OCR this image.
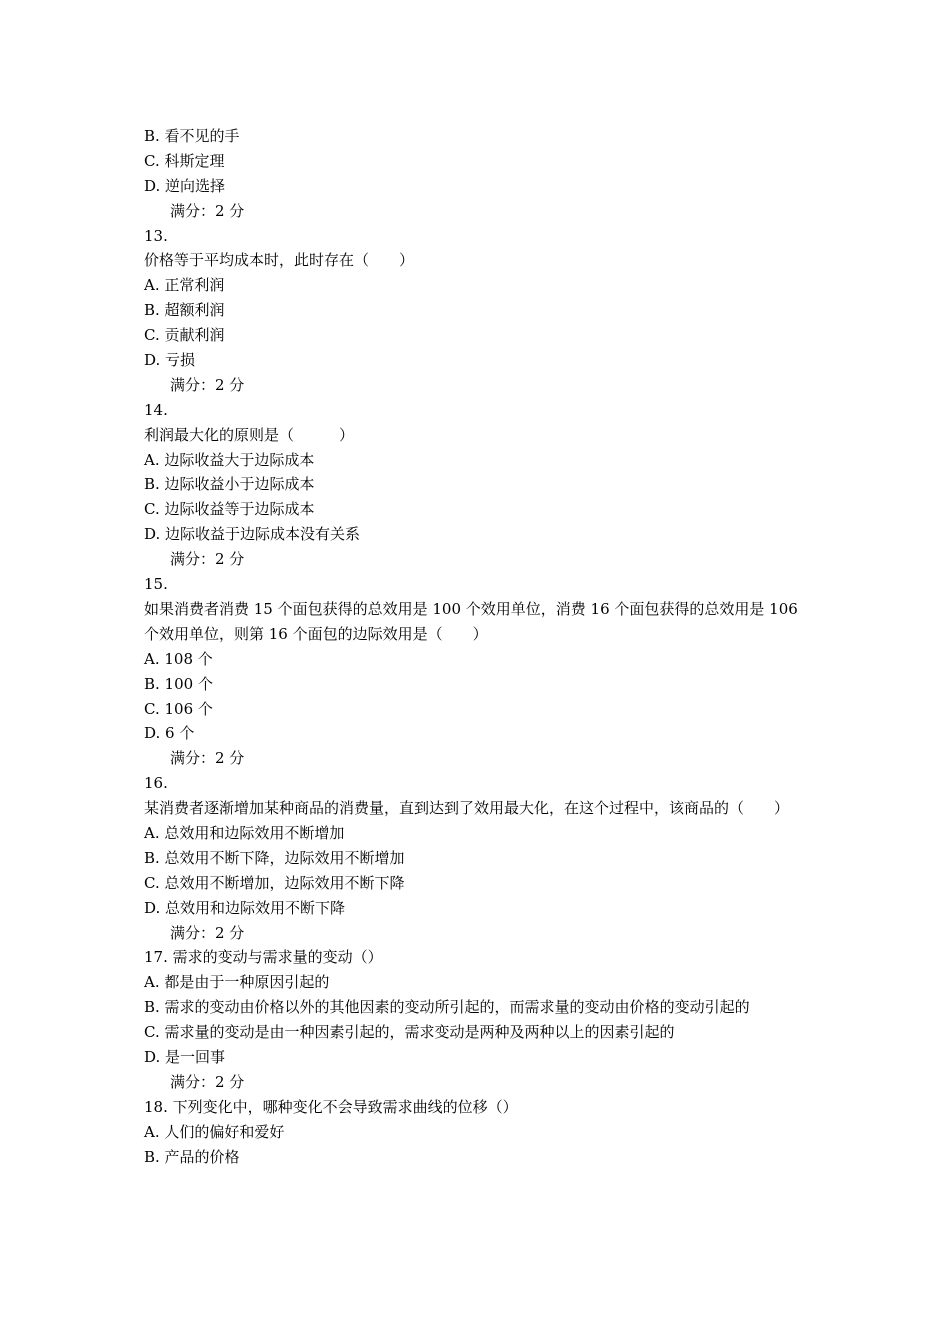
B. 看不见的手
C. 科斯定理
D. 逆向选择
满分：2 分
13.
价格等于平均成本时，此时存在（　　）
A. 正常利润
B. 超额利润
C. 贡献利润
D. 亏损
满分：2 分
14.
利润最大化的原则是（　　　）
A. 边际收益大于边际成本
B. 边际收益小于边际成本
C. 边际收益等于边际成本
D. 边际收益于边际成本没有关系
满分：2 分
15.
如果消费者消费 15 个面包获得的总效用是 100 个效用单位，消费 16 个面包获得的总效用是 106 个效用单位，则第 16 个面包的边际效用是（　　）
A. 108 个
B. 100 个
C. 106 个
D. 6 个
满分：2 分
16.
某消费者逐渐增加某种商品的消费量，直到达到了效用最大化，在这个过程中，该商品的（　　）
A. 总效用和边际效用不断增加
B. 总效用不断下降，边际效用不断增加
C. 总效用不断增加，边际效用不断下降
D. 总效用和边际效用不断下降
满分：2 分
17. 需求的变动与需求量的变动（）
A. 都是由于一种原因引起的
B. 需求的变动由价格以外的其他因素的变动所引起的，而需求量的变动由价格的变动引起的
C. 需求量的变动是由一种因素引起的，需求变动是两种及两种以上的因素引起的
D. 是一回事
满分：2 分
18. 下列变化中，哪种变化不会导致需求曲线的位移（）
A. 人们的偏好和爱好
B. 产品的价格
